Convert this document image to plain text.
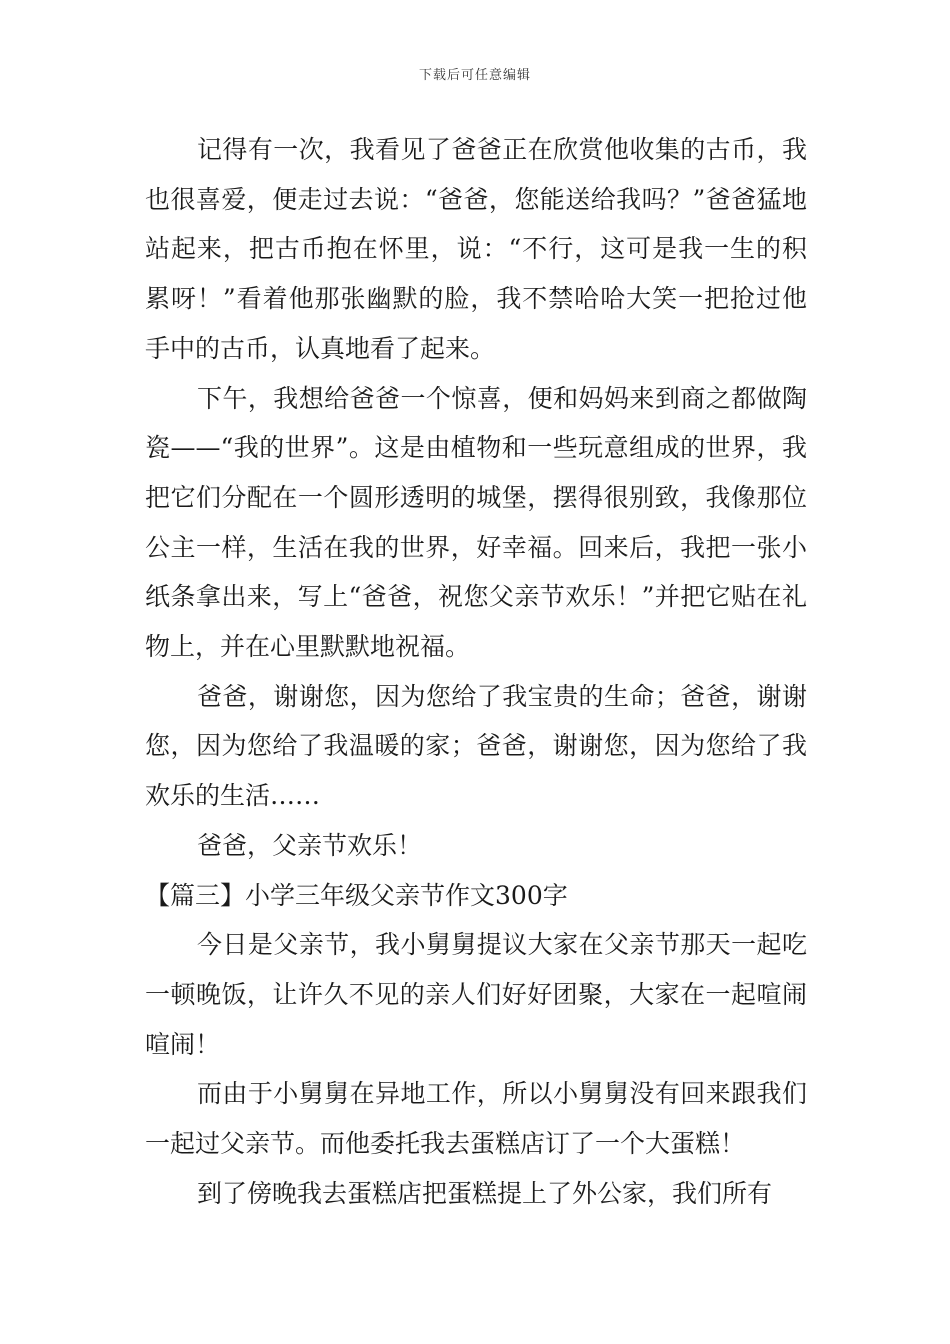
下载后可任意编辑

记得有一次，我看见了爸爸正在欣赏他收集的古币，我也很喜爱，便走过去说：“爸爸，您能送给我吗？”爸爸猛地站起来，把古币抱在怀里，说：“不行，这可是我一生的积累呀！”看着他那张幽默的脸，我不禁哈哈大笑一把抢过他手中的古币，认真地看了起来。

下午，我想给爸爸一个惊喜，便和妈妈来到商之都做陶瓷——“我的世界”。这是由植物和一些玩意组成的世界，我把它们分配在一个圆形透明的城堡，摆得很别致，我像那位公主一样，生活在我的世界，好幸福。回来后，我把一张小纸条拿出来，写上“爸爸，祝您父亲节欢乐！”并把它贴在礼物上，并在心里默默地祝福。

爸爸，谢谢您，因为您给了我宝贵的生命；爸爸，谢谢您，因为您给了我温暖的家；爸爸，谢谢您，因为您给了我欢乐的生活……

爸爸，父亲节欢乐！

【篇三】小学三年级父亲节作文300字

今日是父亲节，我小舅舅提议大家在父亲节那天一起吃一顿晚饭，让许久不见的亲人们好好团聚，大家在一起喧闹喧闹！

而由于小舅舅在异地工作，所以小舅舅没有回来跟我们一起过父亲节。而他委托我去蛋糕店订了一个大蛋糕！

到了傍晚我去蛋糕店把蛋糕提上了外公家，我们所有
